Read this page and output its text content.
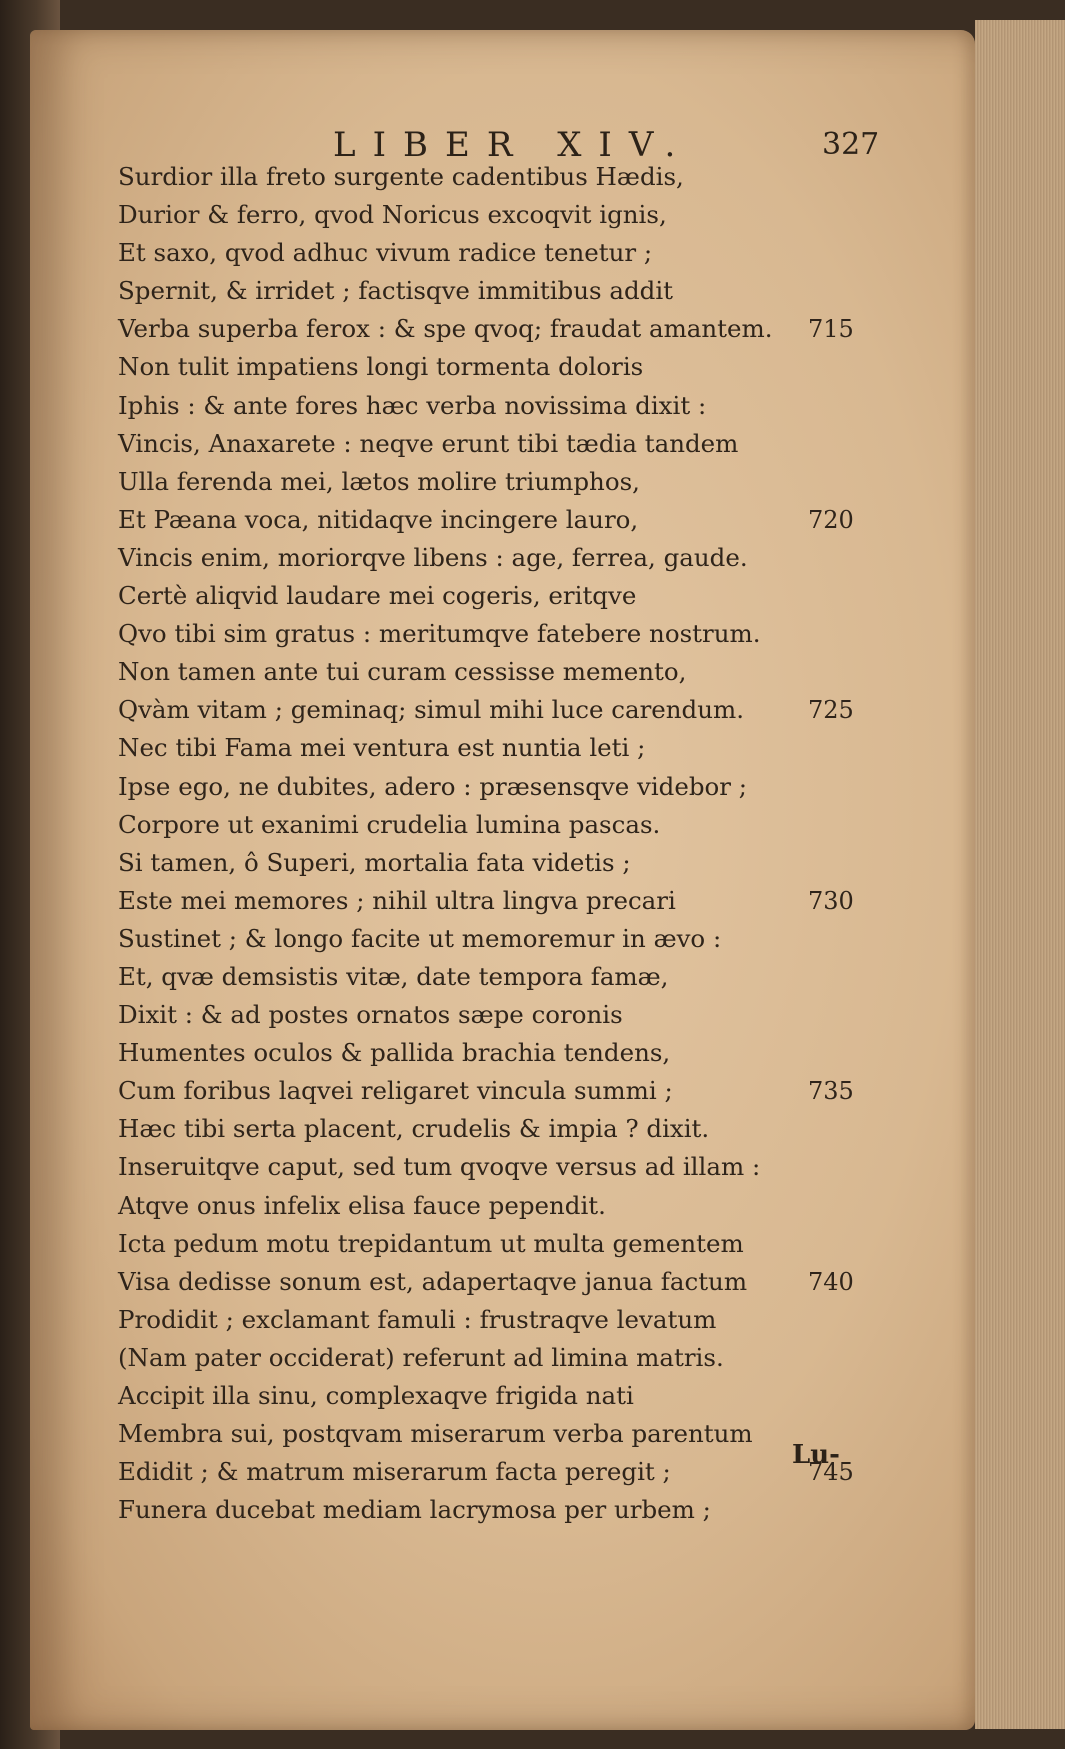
LIBER XIV.	327
Surdior illa freto surgente cadentibus Hædis,
Durior & ferro, qvod Noricus excoqvit ignis,
Et saxo, qvod adhuc vivum radice tenetur ;
Spernit, & irridet ; factisqve immitibus addit
Verba superba ferox : & spe qvoq; fraudat amantem. 715
Non tulit impatiens longi tormenta doloris
Iphis : & ante fores hæc verba novissima dixit :
Vincis, Anaxarete : neqve erunt tibi tædia tandem
Ulla ferenda mei, lætos molire triumphos,
Et Pæana voca, nitidaqve incingere lauro,	720
Vincis enim, moriorqve libens : age, ferrea, gaude.
Certè aliqvid laudare mei cogeris, eritqve
Qvo tibi sim gratus : meritumqve fatebere nostrum.
Non tamen ante tui curam cessisse memento,
Qvàm vitam ; geminaq; simul mihi luce carendum.	725
Nec tibi Fama mei ventura est nuntia leti ;
Ipse ego, ne dubites, adero : præsensqve videbor ;
Corpore ut exanimi crudelia lumina pascas.
Si tamen, ô Superi, mortalia fata videtis ;
Este mei memores ; nihil ultra lingva precari	730
Sustinet ; & longo facite ut memoremur in ævo :
Et, qvæ demsistis vitæ, date tempora famæ,
Dixit : & ad postes ornatos sæpe coronis
Humentes oculos & pallida brachia tendens,
Cum foribus laqvei religaret vincula summi ;	735
Hæc tibi serta placent, crudelis & impia ? dixit.
Inseruitqve caput, sed tum qvoqve versus ad illam :
Atqve onus infelix elisa fauce pependit.
Icta pedum motu trepidantum ut multa gementem
Visa dedisse sonum est, adapertaqve janua factum	740
Prodidit ; exclamant famuli : frustraqve levatum
(Nam pater occiderat) referunt ad limina matris.
Accipit illa sinu, complexaqve frigida nati
Membra sui, postqvam miserarum verba parentum
Edidit ; & matrum miserarum facta peregit ;	745
Funera ducebat mediam lacrymosa per urbem ;
Lu-
